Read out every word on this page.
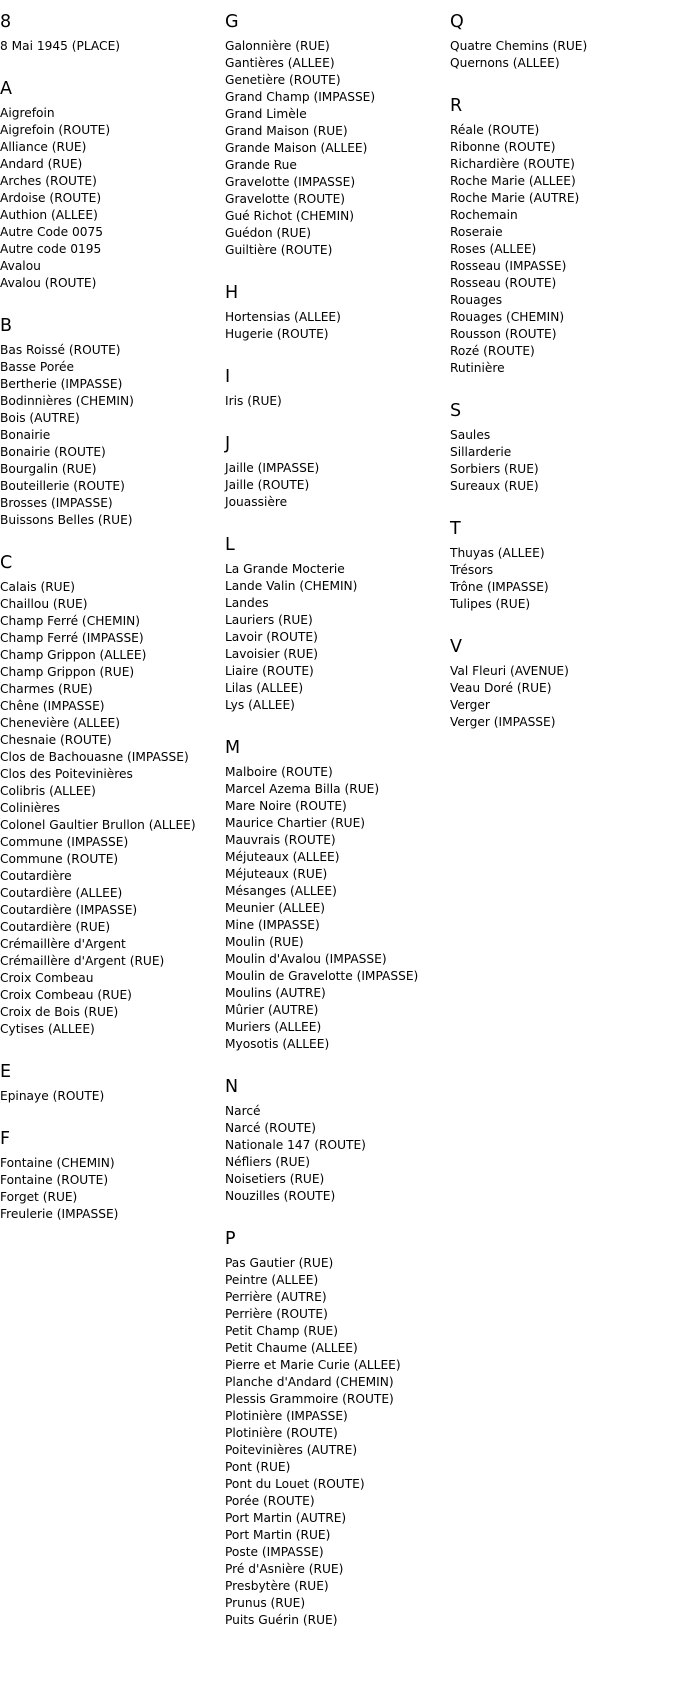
8
8 Mai 1945 (PLACE)
A
Aigrefoin
Aigrefoin (ROUTE)
Alliance (RUE)
Andard (RUE)
Arches (ROUTE)
Ardoise (ROUTE)
Authion (ALLEE)
Autre Code 0075
Autre code 0195
Avalou
Avalou (ROUTE)
B
Bas Roissé (ROUTE)
Basse Porée
Bertherie (IMPASSE)
Bodinnières (CHEMIN)
Bois (AUTRE)
Bonairie
Bonairie (ROUTE)
Bourgalin (RUE)
Bouteillerie (ROUTE)
Brosses (IMPASSE)
Buissons Belles (RUE)
C
Calais (RUE)
Chaillou (RUE)
Champ Ferré (CHEMIN)
Champ Ferré (IMPASSE)
Champ Grippon (ALLEE)
Champ Grippon (RUE)
Charmes (RUE)
Chêne (IMPASSE)
Chenevière (ALLEE)
Chesnaie (ROUTE)
Clos de Bachouasne (IMPASSE)
Clos des Poitevinières
Colibris (ALLEE)
Colinières
Colonel Gaultier Brullon (ALLEE)
Commune (IMPASSE)
Commune (ROUTE)
Coutardière
Coutardière (ALLEE)
Coutardière (IMPASSE)
Coutardière (RUE)
Crémaillère d'Argent
Crémaillère d'Argent (RUE)
Croix Combeau
Croix Combeau (RUE)
Croix de Bois (RUE)
Cytises (ALLEE)
E
Epinaye (ROUTE)
F
Fontaine (CHEMIN)
Fontaine (ROUTE)
Forget (RUE)
Freulerie (IMPASSE)
G
Galonnière (RUE)
Gantières (ALLEE)
Genetière (ROUTE)
Grand Champ (IMPASSE)
Grand Limèle
Grand Maison (RUE)
Grande Maison (ALLEE)
Grande Rue
Gravelotte (IMPASSE)
Gravelotte (ROUTE)
Gué Richot (CHEMIN)
Guédon (RUE)
Guiltière (ROUTE)
H
Hortensias (ALLEE)
Hugerie (ROUTE)
I
Iris (RUE)
J
Jaille (IMPASSE)
Jaille (ROUTE)
Jouassière
L
La Grande Mocterie
Lande Valin (CHEMIN)
Landes
Lauriers (RUE)
Lavoir (ROUTE)
Lavoisier (RUE)
Liaire (ROUTE)
Lilas (ALLEE)
Lys (ALLEE)
M
Malboire (ROUTE)
Marcel Azema Billa (RUE)
Mare Noire (ROUTE)
Maurice Chartier (RUE)
Mauvrais (ROUTE)
Méjuteaux (ALLEE)
Méjuteaux (RUE)
Mésanges (ALLEE)
Meunier (ALLEE)
Mine (IMPASSE)
Moulin (RUE)
Moulin d'Avalou (IMPASSE)
Moulin de Gravelotte (IMPASSE)
Moulins (AUTRE)
Mûrier (AUTRE)
Muriers (ALLEE)
Myosotis (ALLEE)
N
Narcé
Narcé (ROUTE)
Nationale 147 (ROUTE)
Néfliers (RUE)
Noisetiers (RUE)
Nouzilles (ROUTE)
P
Pas Gautier (RUE)
Peintre (ALLEE)
Perrière (AUTRE)
Perrière (ROUTE)
Petit Champ (RUE)
Petit Chaume (ALLEE)
Pierre et Marie Curie (ALLEE)
Planche d'Andard (CHEMIN)
Plessis Grammoire (ROUTE)
Plotinière (IMPASSE)
Plotinière (ROUTE)
Poitevinières (AUTRE)
Pont (RUE)
Pont du Louet (ROUTE)
Porée (ROUTE)
Port Martin (AUTRE)
Port Martin (RUE)
Poste (IMPASSE)
Pré d'Asnière (RUE)
Presbytère (RUE)
Prunus (RUE)
Puits Guérin (RUE)
Q
Quatre Chemins (RUE)
Quernons (ALLEE)
R
Réale (ROUTE)
Ribonne (ROUTE)
Richardière (ROUTE)
Roche Marie (ALLEE)
Roche Marie (AUTRE)
Rochemain
Roseraie
Roses (ALLEE)
Rosseau (IMPASSE)
Rosseau (ROUTE)
Rouages
Rouages (CHEMIN)
Rousson (ROUTE)
Rozé (ROUTE)
Rutinière
S
Saules
Sillarderie
Sorbiers (RUE)
Sureaux (RUE)
T
Thuyas (ALLEE)
Trésors
Trône (IMPASSE)
Tulipes (RUE)
V
Val Fleuri (AVENUE)
Veau Doré (RUE)
Verger
Verger (IMPASSE)
